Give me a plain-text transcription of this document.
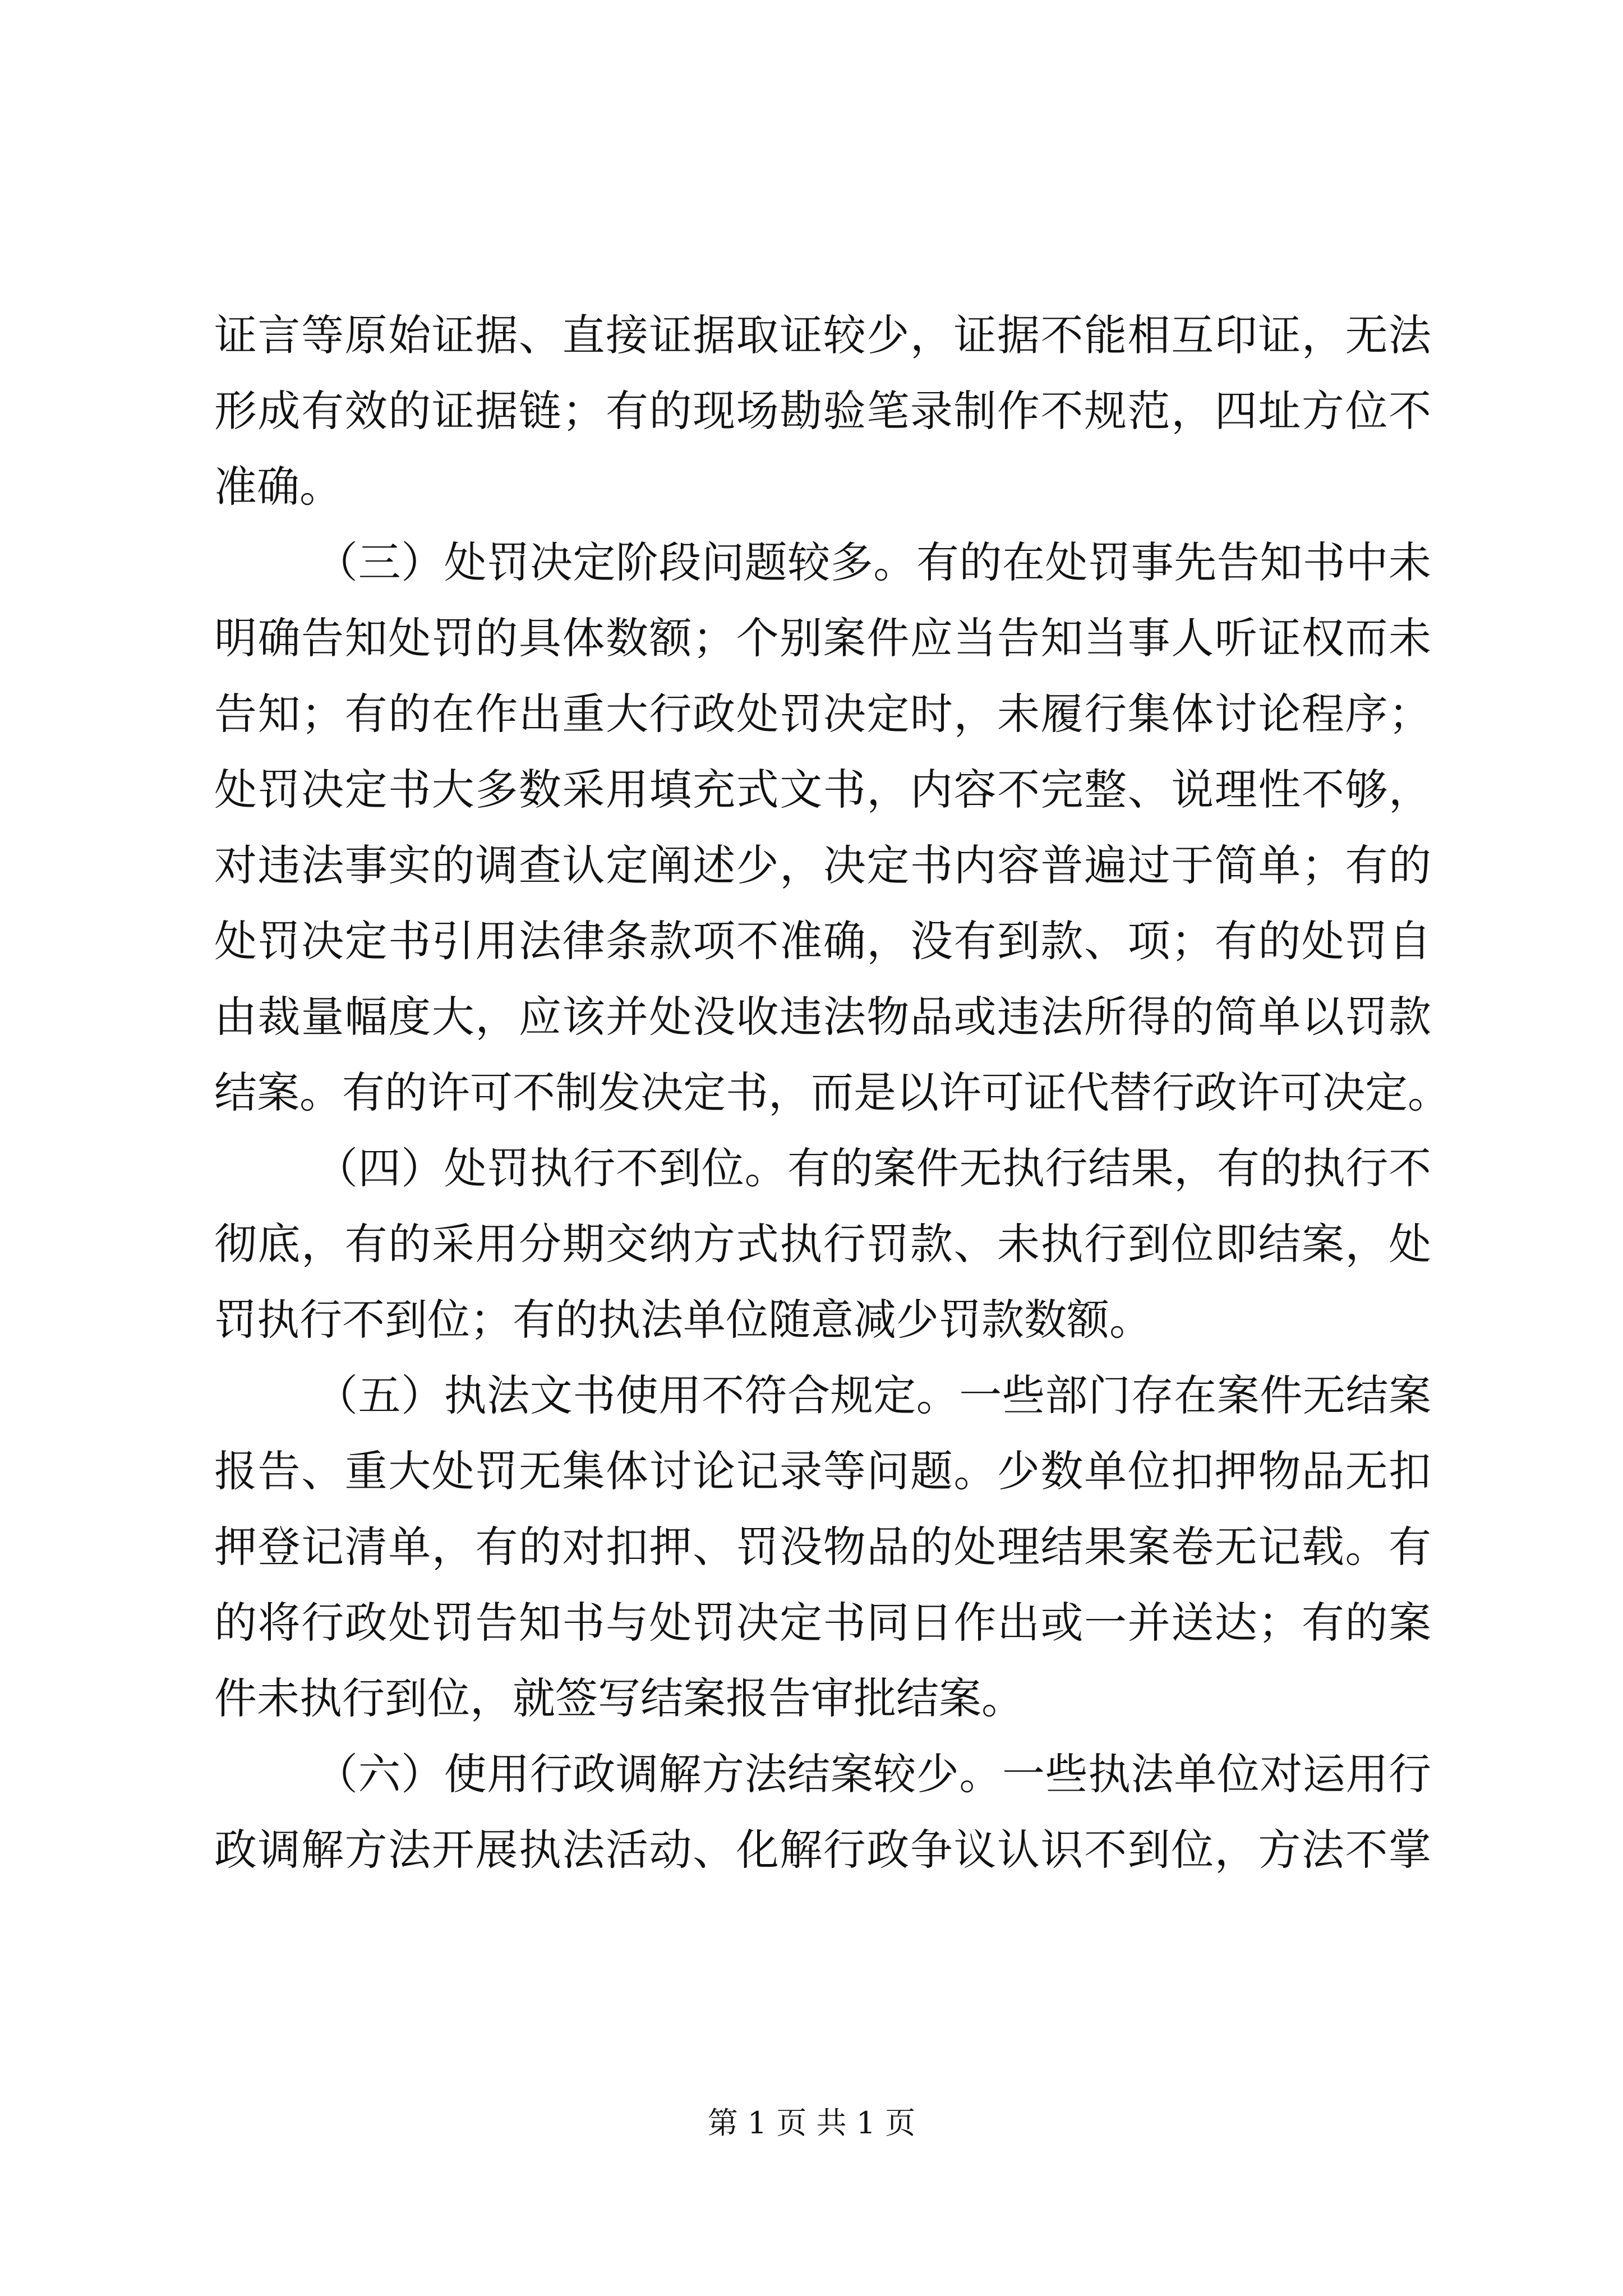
证言等原始证据、直接证据取证较少，证据不能相互印证，无法
形成有效的证据链；有的现场勘验笔录制作不规范，四址方位不
准确。
（三）处罚决定阶段问题较多。有的在处罚事先告知书中未
明确告知处罚的具体数额；个别案件应当告知当事人听证权而未
告知；有的在作出重大行政处罚决定时，未履行集体讨论程序；
处罚决定书大多数采用填充式文书，内容不完整、说理性不够，
对违法事实的调查认定阐述少，决定书内容普遍过于简单；有的
处罚决定书引用法律条款项不准确，没有到款、项；有的处罚自
由裁量幅度大，应该并处没收违法物品或违法所得的简单以罚款
结案。有的许可不制发决定书，而是以许可证代替行政许可决定。
（四）处罚执行不到位。有的案件无执行结果，有的执行不
彻底，有的采用分期交纳方式执行罚款、未执行到位即结案，处
罚执行不到位；有的执法单位随意减少罚款数额。
（五）执法文书使用不符合规定。一些部门存在案件无结案
报告、重大处罚无集体讨论记录等问题。少数单位扣押物品无扣
押登记清单，有的对扣押、罚没物品的处理结果案卷无记载。有
的将行政处罚告知书与处罚决定书同日作出或一并送达；有的案
件未执行到位，就签写结案报告审批结案。
（六）使用行政调解方法结案较少。一些执法单位对运用行
政调解方法开展执法活动、化解行政争议认识不到位，方法不掌
第 1 页 共 1 页
